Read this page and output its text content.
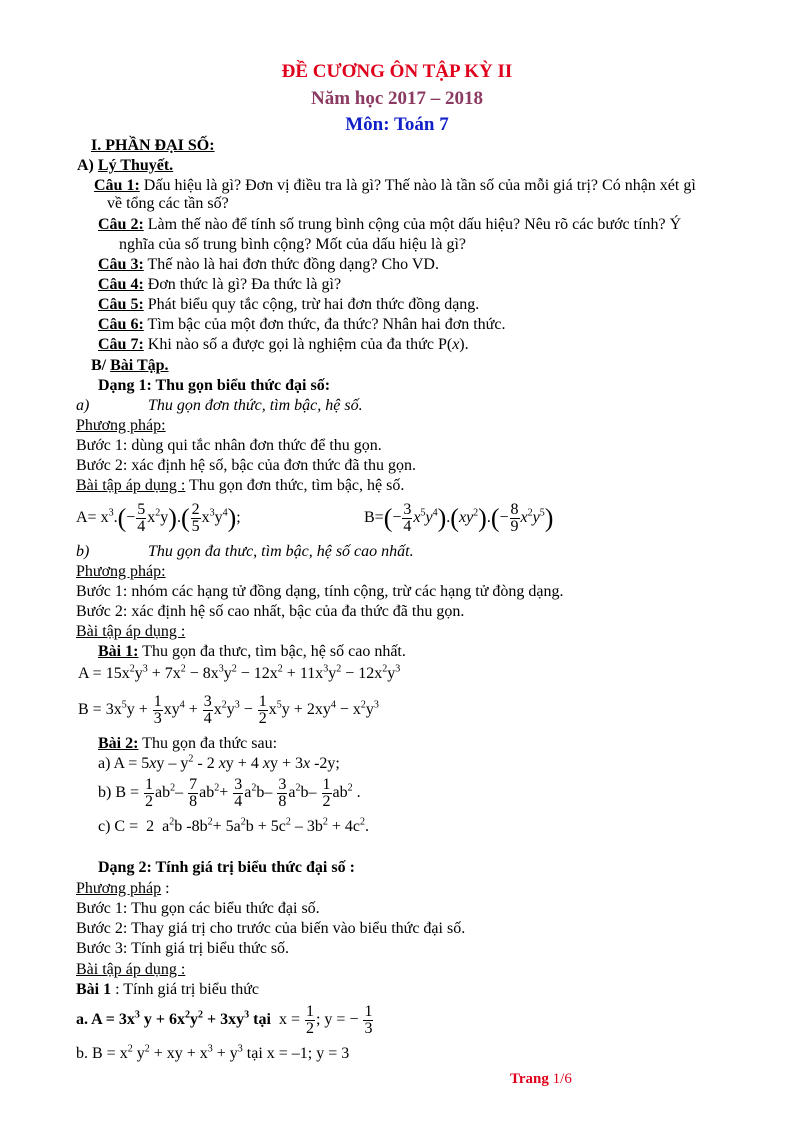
ĐỀ CƯƠNG ÔN TẬP KỲ II
Năm học 2017 – 2018
Môn: Toán 7
I. PHẦN ĐẠI SỐ:
A) Lý Thuyết.
Câu 1: Dấu hiệu là gì? Đơn vị điều tra là gì? Thế nào là tần số của mỗi giá trị? Có nhận xét gì
về tổng các tần số?
Câu 2: Làm thế nào để tính số trung bình cộng của một dấu hiệu? Nêu rõ các bước tính? Ý
nghĩa của số trung bình cộng? Mốt của dấu hiệu là gì?
Câu 3: Thế nào là hai đơn thức đồng dạng? Cho VD.
Câu 4: Đơn thức là gì? Đa thức là gì?
Câu 5: Phát biểu quy tắc cộng, trừ hai đơn thức đồng dạng.
Câu 6: Tìm bậc của một đơn thức, đa thức? Nhân hai đơn thức.
Câu 7: Khi nào số a được gọi là nghiệm của đa thức P(x).
B/ Bài Tập.
Dạng 1: Thu gọn biểu thức đại số:
a)	Thu gọn đơn thức, tìm bậc, hệ số.
Phương pháp:
Bước 1: dùng qui tắc nhân đơn thức để thu gọn.
Bước 2: xác định hệ số, bậc của đơn thức đã thu gọn.
Bài tập áp dụng : Thu gọn đơn thức, tìm bậc, hệ số.
$A= x^3.(- \frac{5}{4} x^2y).( \frac{2}{5} x^3y^4)$;	$B=(- \frac{3}{4} x^5y^4).(xy^2).(- \frac{8}{9} x^2y^5)$
b)	Thu gọn đa thưc, tìm bậc, hệ số cao nhất.
Phương pháp:
Bước 1: nhóm các hạng tử đồng dạng, tính cộng, trừ các hạng tử đòng dạng.
Bước 2: xác định hệ số cao nhất, bậc của đa thức đã thu gọn.
Bài tập áp dụng :
Bài 1: Thu gọn đa thưc, tìm bậc, hệ số cao nhất.
$A = 15x^2y^3 + 7x^2 - 8x^3y^2 - 12x^2 + 11x^3y^2 - 12x^2y^3$
$B = 3x^5y + \frac{1}{3} xy^4 + \frac{3}{4} x^2y^3 - \frac{1}{2} x^5y + 2xy^4 - x^2y^3$
Bài 2: Thu gọn đa thức sau:
a) $A = 5xy - y^2 - 2$ xy + 4 xy + 3x -2y;
b) $B = \frac{1}{2} ab^2- \frac{7}{8} ab^2+ \frac{3}{4} a^2b- \frac{3}{8} a^2b- \frac{1}{2} ab^2$ .
c) C =  2  $a^2b$ $-8b^2+ 5a^2b + 5c^2 - 3b^2 + 4c^2$.
Dạng 2: Tính giá trị biểu thức đại số :
Phương pháp :
Bước 1: Thu gọn các biểu thức đại số.
Bước 2: Thay giá trị cho trước của biến vào biểu thức đại số.
Bước 3: Tính giá trị biểu thức số.
Bài tập áp dụng :
Bài 1 : Tính giá trị biểu thức
a. $A = 3x^3$ $y + 6x^2y^2 + 3xy^3$ tại  $x = \frac{1}{2}$ ; y = − $\frac{1}{3}$
b. $B = x^2$ $y^2$ + xy + $x^3 + y^3$ tại x = –1; y = 3
Trang 1/6
